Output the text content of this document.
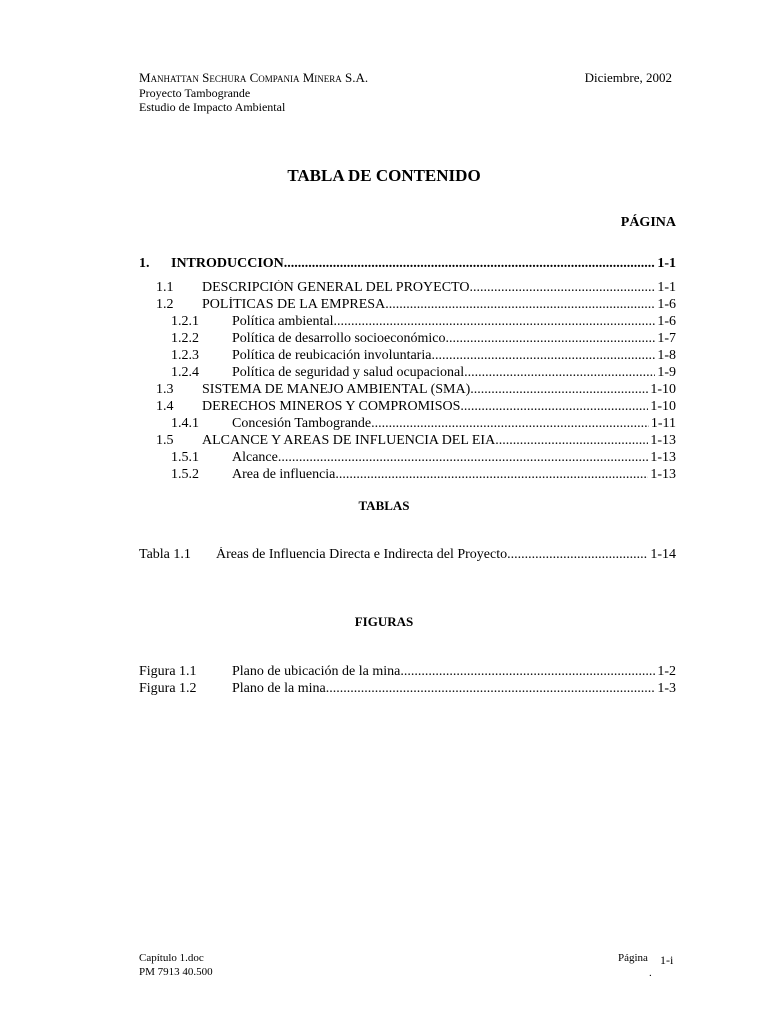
Manhattan Sechura Compania Minera S.A.	Diciembre, 2002
Proyecto Tambogrande
Estudio de Impacto Ambiental
TABLA DE CONTENIDO
PÁGINA
1. INTRODUCCION .....	1-1
1.1 DESCRIPCIÓN GENERAL DEL PROYECTO .....	1-1
1.2 POLÍTICAS DE LA EMPRESA .....	1-6
1.2.1 Política ambiental .....	1-6
1.2.2 Política de desarrollo socioeconómico .....	1-7
1.2.3 Política de reubicación involuntaria .....	1-8
1.2.4 Política de seguridad y salud ocupacional .....	1-9
1.3 SISTEMA DE MANEJO AMBIENTAL (SMA) .....	1-10
1.4 DERECHOS MINEROS Y COMPROMISOS .....	1-10
1.4.1 Concesión Tambogrande .....	1-11
1.5 ALCANCE Y AREAS DE INFLUENCIA DEL EIA .....	1-13
1.5.1 Alcance .....	1-13
1.5.2 Area de influencia .....	1-13
TABLAS
Tabla 1.1 Áreas de Influencia Directa e Indirecta del Proyecto .....	1-14
FIGURAS
Figura 1.1	Plano de ubicación de la mina .....	1-2
Figura 1.2	Plano de la mina .....	1-3
Capítulo 1.doc
PM 7913 40.500
Página 1-i
.
